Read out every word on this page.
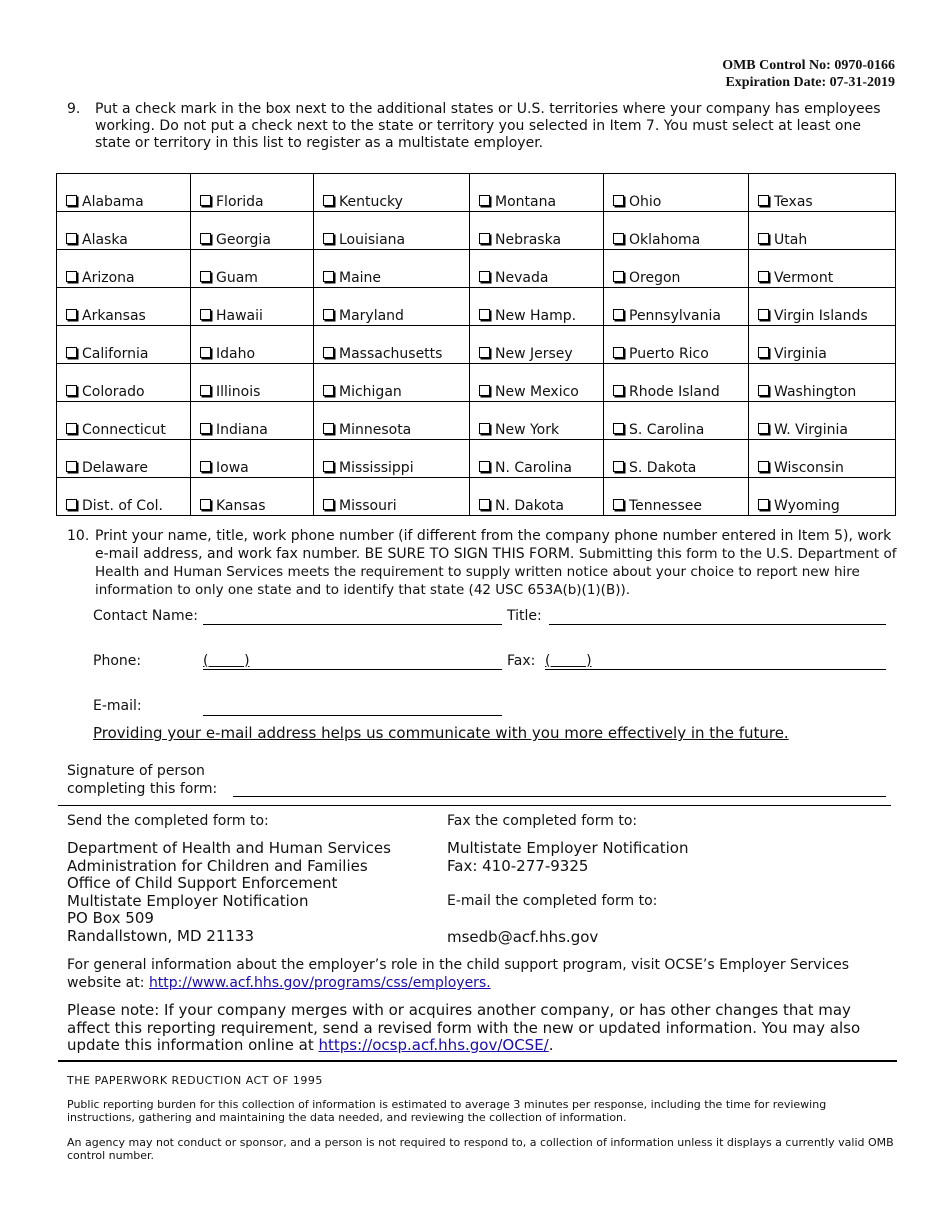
OMB Control No: 0970-0166
Expiration Date: 07-31-2019
9. Put a check mark in the box next to the additional states or U.S. territories where your company has employees working. Do not put a check next to the state or territory you selected in Item 7. You must select at least one state or territory in this list to register as a multistate employer.
Alabama	Florida	Kentucky	Montana	Ohio	Texas
Alaska	Georgia	Louisiana	Nebraska	Oklahoma	Utah
Arizona	Guam	Maine	Nevada	Oregon	Vermont
Arkansas	Hawaii	Maryland	New Hamp.	Pennsylvania	Virgin Islands
California	Idaho	Massachusetts	New Jersey	Puerto Rico	Virginia
Colorado	Illinois	Michigan	New Mexico	Rhode Island	Washington
Connecticut	Indiana	Minnesota	New York	S. Carolina	W. Virginia
Delaware	Iowa	Mississippi	N. Carolina	S. Dakota	Wisconsin
Dist. of Col.	Kansas	Missouri	N. Dakota	Tennessee	Wyoming
10. Print your name, title, work phone number (if different from the company phone number entered in Item 5), work e-mail address, and work fax number. BE SURE TO SIGN THIS FORM. Submitting this form to the U.S. Department of Health and Human Services meets the requirement to supply written notice about your choice to report new hire information to only one state and to identify that state (42 USC 653A(b)(1)(B)).
Contact Name:	Title:
Phone:	(        )	Fax: (        )
E-mail:
Providing your e-mail address helps us communicate with you more effectively in the future.
Signature of person
completing this form:
Send the completed form to:
Department of Health and Human Services
Administration for Children and Families
Office of Child Support Enforcement
Multistate Employer Notification
PO Box 509
Randallstown, MD 21133
Fax the completed form to:
Multistate Employer Notification
Fax: 410-277-9325
E-mail the completed form to:
msedb@acf.hhs.gov
For general information about the employer’s role in the child support program, visit OCSE’s Employer Services website at: http://www.acf.hhs.gov/programs/css/employers.
Please note: If your company merges with or acquires another company, or has other changes that may affect this reporting requirement, send a revised form with the new or updated information. You may also update this information online at https://ocsp.acf.hhs.gov/OCSE/.
THE PAPERWORK REDUCTION ACT OF 1995
Public reporting burden for this collection of information is estimated to average 3 minutes per response, including the time for reviewing instructions, gathering and maintaining the data needed, and reviewing the collection of information.
An agency may not conduct or sponsor, and a person is not required to respond to, a collection of information unless it displays a currently valid OMB control number.
